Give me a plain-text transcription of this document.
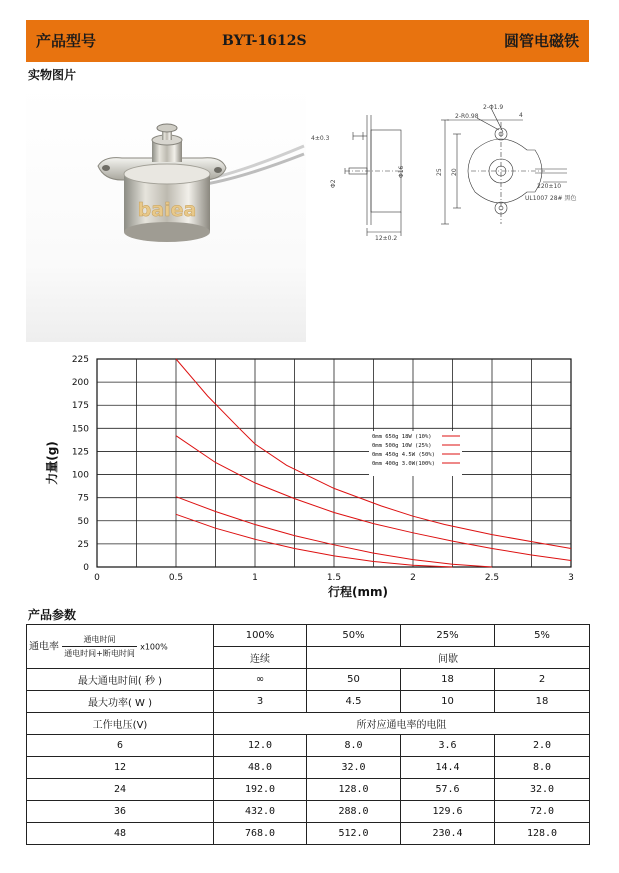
产品型号	BYT-1612S	圆管电磁铁
实物图片
baiea
4±0.3
2-Φ1.9
4
2-R0.98
Φ2
Φ16	25 20
12±0.2
220±10
UL1007 28# 黑色
0	0.5	1	1.5	2	2.5	3
0
25
50
75
100
125
150
175
200
225
0mm 650g 18W (10%)
0mm 500g 10W (25%)
0mm 450g 4.5W (50%)
0mm 400g 3.0W(100%)
行程(mm)
力量(g)
产品参数
通电率 $\frac{\text{通电时间}}{\text{通电时间+断电时间}} x100\%$	100%	50%	25%	5%
	连续	间歇		
最大通电时间( 秒 )	∞	50	18	2
最大功率( W )	3	4.5	10	18
工作电压(V)	所对应通电率的电阻			
6	12.0	8.0	3.6	2.0
12	48.0	32.0	14.4	8.0
24	192.0	128.0	57.6	32.0
36	432.0	288.0	129.6	72.0
48	768.0	512.0	230.4	128.0
